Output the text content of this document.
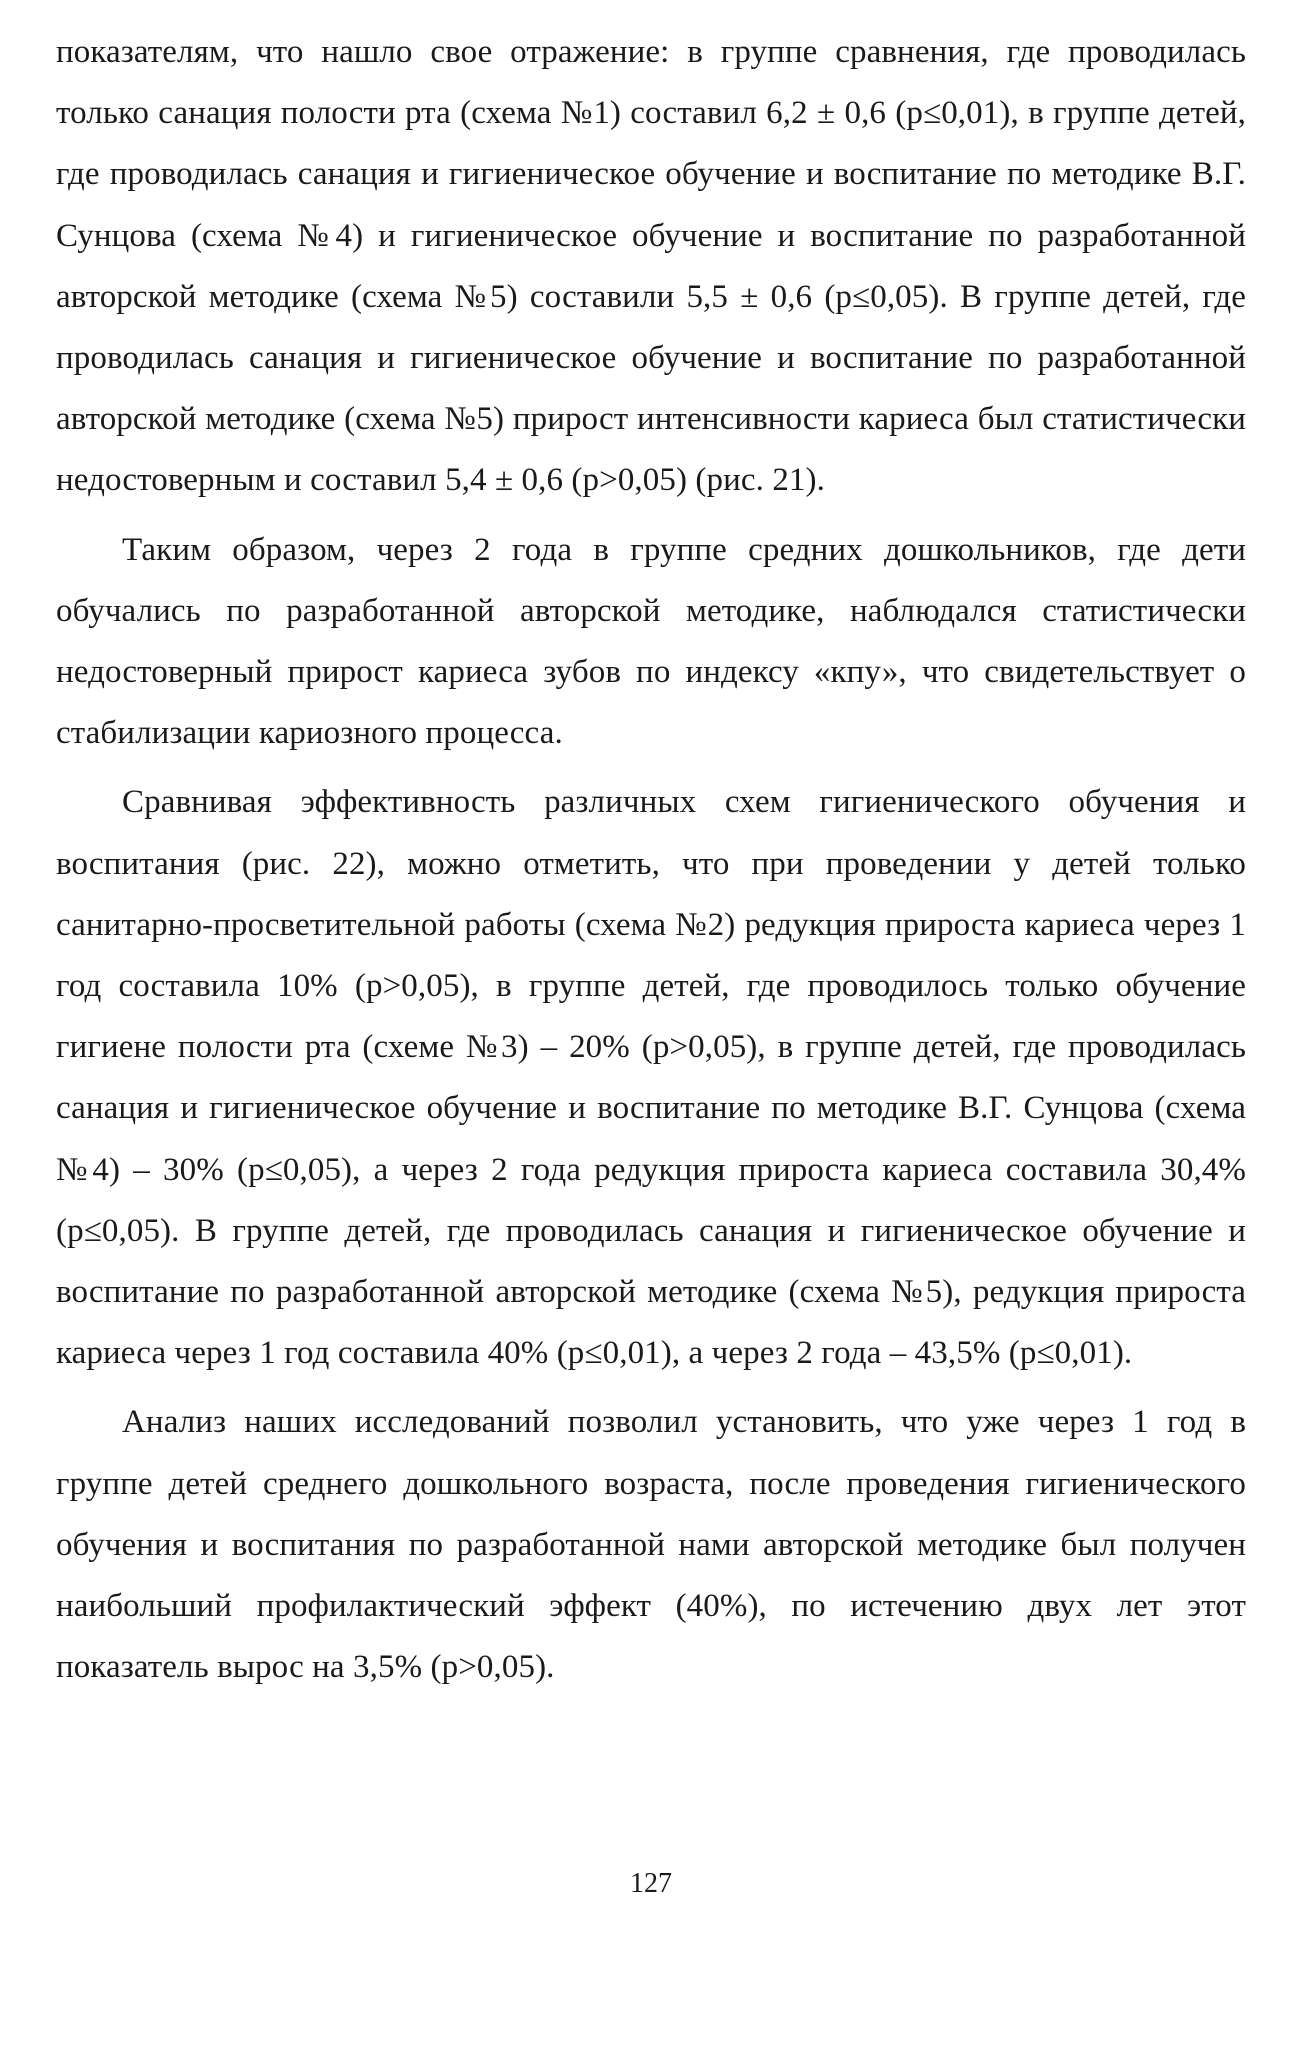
показателям, что нашло свое отражение: в группе сравнения, где проводилась только санация полости рта (схема №1) составил 6,2 ± 0,6 (p≤0,01), в группе детей, где проводилась санация и гигиеническое обучение и воспитание по методике В.Г. Сунцова (схема №4) и гигиеническое обучение и воспитание по разработанной авторской методике (схема №5) составили 5,5 ± 0,6 (p≤0,05). В группе детей, где проводилась санация и гигиеническое обучение и воспитание по разработанной авторской методике (схема №5) прирост интенсивности кариеса был статистически недостоверным и составил 5,4 ± 0,6 (p>0,05) (рис. 21).

Таким образом, через 2 года в группе средних дошкольников, где дети обучались по разработанной авторской методике, наблюдался статистически недостоверный прирост кариеса зубов по индексу «кпу», что свидетельствует о стабилизации кариозного процесса.

Сравнивая эффективность различных схем гигиенического обучения и воспитания (рис. 22), можно отметить, что при проведении у детей только санитарно-просветительной работы (схема №2) редукция прироста кариеса через 1 год составила 10% (p>0,05), в группе детей, где проводилось только обучение гигиене полости рта (схеме №3) – 20% (p>0,05), в группе детей, где проводилась санация и гигиеническое обучение и воспитание по методике В.Г. Сунцова (схема №4) – 30% (p≤0,05), а через 2 года редукция прироста кариеса составила 30,4% (p≤0,05). В группе детей, где проводилась санация и гигиеническое обучение и воспитание по разработанной авторской методике (схема №5), редукция прироста кариеса через 1 год составила 40% (p≤0,01), а через 2 года – 43,5% (p≤0,01).

Анализ наших исследований позволил установить, что уже через 1 год в группе детей среднего дошкольного возраста, после проведения гигиенического обучения и воспитания по разработанной нами авторской методике был получен наибольший профилактический эффект (40%), по истечению двух лет этот показатель вырос на 3,5% (p>0,05).

127
